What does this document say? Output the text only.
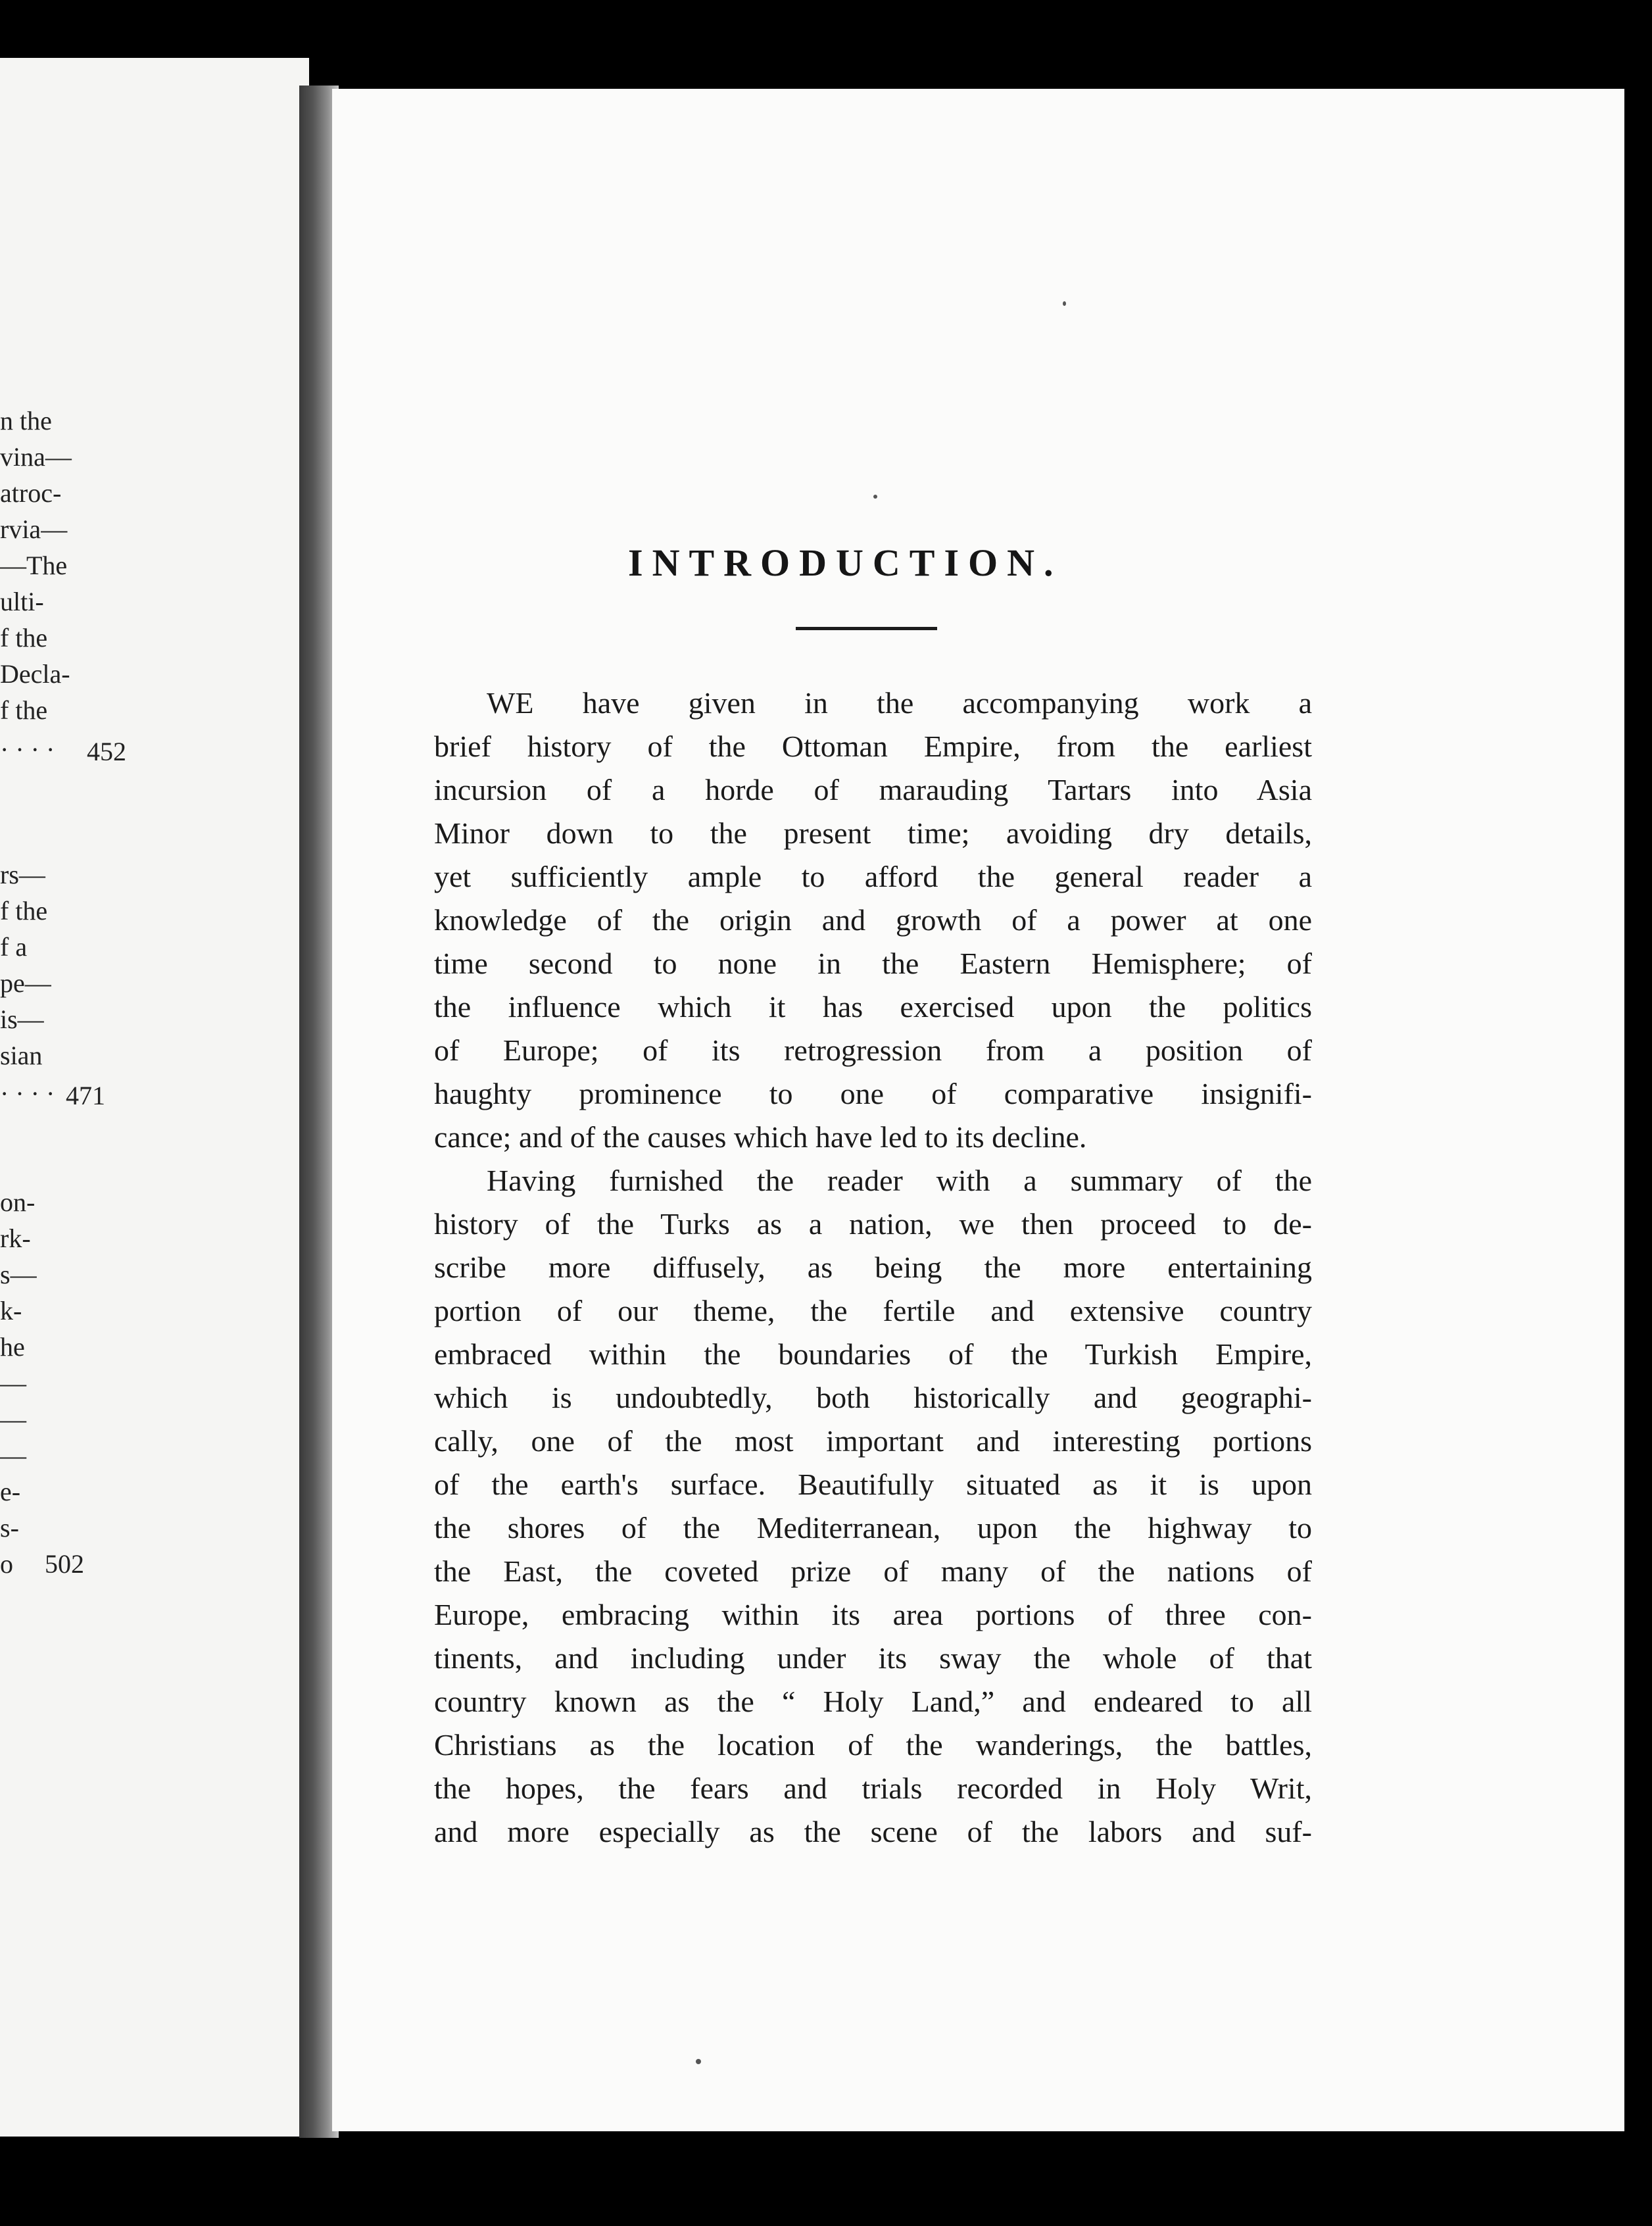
n the
vina—
atroc-
rvia—
—The
ulti-
f the
Decla-
f the
· · · · 452
rs—
f the
f a
pe—
is—
sian
· · · · 471
on-
rk-
s—
k-
he
—
—
—
e-
s-
o 502
INTRODUCTION.
WE have given in the accompanying work a
brief history of the Ottoman Empire, from the earliest
incursion of a horde of marauding Tartars into Asia
Minor down to the present time; avoiding dry details,
yet sufficiently ample to afford the general reader a
knowledge of the origin and growth of a power at one
time second to none in the Eastern Hemisphere; of
the influence which it has exercised upon the politics
of Europe; of its retrogression from a position of
haughty prominence to one of comparative insignifi-
cance; and of the causes which have led to its decline.
Having furnished the reader with a summary of the
history of the Turks as a nation, we then proceed to de-
scribe more diffusely, as being the more entertaining
portion of our theme, the fertile and extensive country
embraced within the boundaries of the Turkish Empire,
which is undoubtedly, both historically and geographi-
cally, one of the most important and interesting portions
of the earth's surface. Beautifully situated as it is upon
the shores of the Mediterranean, upon the highway to
the East, the coveted prize of many of the nations of
Europe, embracing within its area portions of three con-
tinents, and including under its sway the whole of that
country known as the “ Holy Land,” and endeared to all
Christians as the location of the wanderings, the battles,
the hopes, the fears and trials recorded in Holy Writ,
and more especially as the scene of the labors and suf-
